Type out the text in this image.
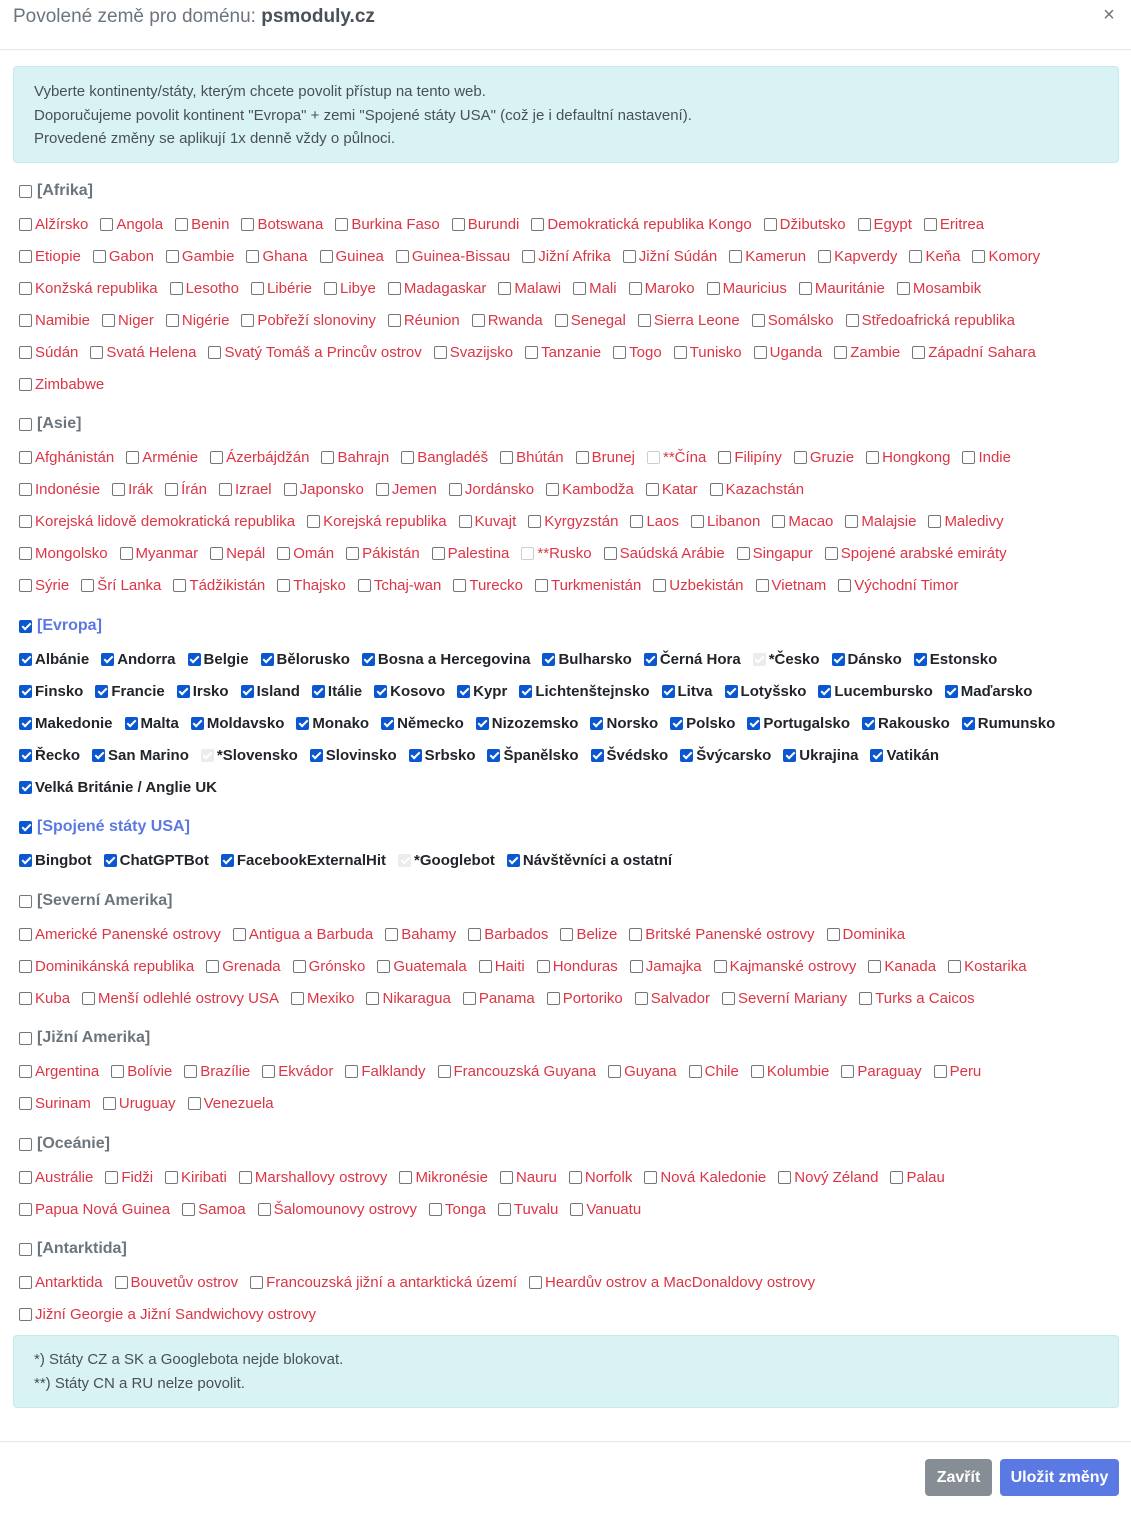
Povolené země pro doménu: psmoduly.cz	×
Vyberte kontinenty/státy, kterým chcete povolit přístup na tento web.
Doporučujeme povolit kontinent "Evropa" + zemi "Spojené státy USA" (což je i defaultní nastavení).
Provedené změny se aplikují 1x denně vždy o půlnoci.
[Afrika]
Alžírsko Angola Benin Botswana Burkina Faso Burundi Demokratická republika Kongo Džibutsko Egypt Eritrea
Etiopie Gabon Gambie Ghana Guinea Guinea-Bissau Jižní Afrika Jižní Súdán Kamerun Kapverdy Keňa Komory
Konžská republika Lesotho Libérie Libye Madagaskar Malawi Mali Maroko Mauricius Mauritánie Mosambik
Namibie Niger Nigérie Pobřeží slonoviny Réunion Rwanda Senegal Sierra Leone Somálsko Středoafrická republika
Súdán Svatá Helena Svatý Tomáš a Princův ostrov Svazijsko Tanzanie Togo Tunisko Uganda Zambie Západní Sahara
Zimbabwe
[Asie]
Afghánistán Arménie Ázerbájdžán Bahrajn Bangladéš Bhútán Brunej **Čína Filipíny Gruzie Hongkong Indie
Indonésie Irák Írán Izrael Japonsko Jemen Jordánsko Kambodža Katar Kazachstán
Korejská lidově demokratická republika Korejská republika Kuvajt Kyrgyzstán Laos Libanon Macao Malajsie Maledivy
Mongolsko Myanmar Nepál Omán Pákistán Palestina **Rusko Saúdská Arábie Singapur Spojené arabské emiráty
Sýrie Šrí Lanka Tádžikistán Thajsko Tchaj-wan Turecko Turkmenistán Uzbekistán Vietnam Východní Timor
[Evropa]
Albánie Andorra Belgie Bělorusko Bosna a Hercegovina Bulharsko Černá Hora *Česko Dánsko Estonsko
Finsko Francie Irsko Island Itálie Kosovo Kypr Lichtenštejnsko Litva Lotyšsko Lucembursko Maďarsko
Makedonie Malta Moldavsko Monako Německo Nizozemsko Norsko Polsko Portugalsko Rakousko Rumunsko
Řecko San Marino *Slovensko Slovinsko Srbsko Španělsko Švédsko Švýcarsko Ukrajina Vatikán
Velká Británie / Anglie UK
[Spojené státy USA]
Bingbot ChatGPTBot FacebookExternalHit *Googlebot Návštěvníci a ostatní
[Severní Amerika]
Americké Panenské ostrovy Antigua a Barbuda Bahamy Barbados Belize Britské Panenské ostrovy Dominika
Dominikánská republika Grenada Grónsko Guatemala Haiti Honduras Jamajka Kajmanské ostrovy Kanada Kostarika
Kuba Menší odlehlé ostrovy USA Mexiko Nikaragua Panama Portoriko Salvador Severní Mariany Turks a Caicos
[Jižní Amerika]
Argentina Bolívie Brazílie Ekvádor Falklandy Francouzská Guyana Guyana Chile Kolumbie Paraguay Peru
Surinam Uruguay Venezuela
[Oceánie]
Austrálie Fidži Kiribati Marshallovy ostrovy Mikronésie Nauru Norfolk Nová Kaledonie Nový Zéland Palau
Papua Nová Guinea Samoa Šalomounovy ostrovy Tonga Tuvalu Vanuatu
[Antarktida]
Antarktida Bouvetův ostrov Francouzská jižní a antarktická území Heardův ostrov a MacDonaldovy ostrovy
Jižní Georgie a Jižní Sandwichovy ostrovy
*) Státy CZ a SK a Googlebota nejde blokovat.
**) Státy CN a RU nelze povolit.
Zavřít	Uložit změny
